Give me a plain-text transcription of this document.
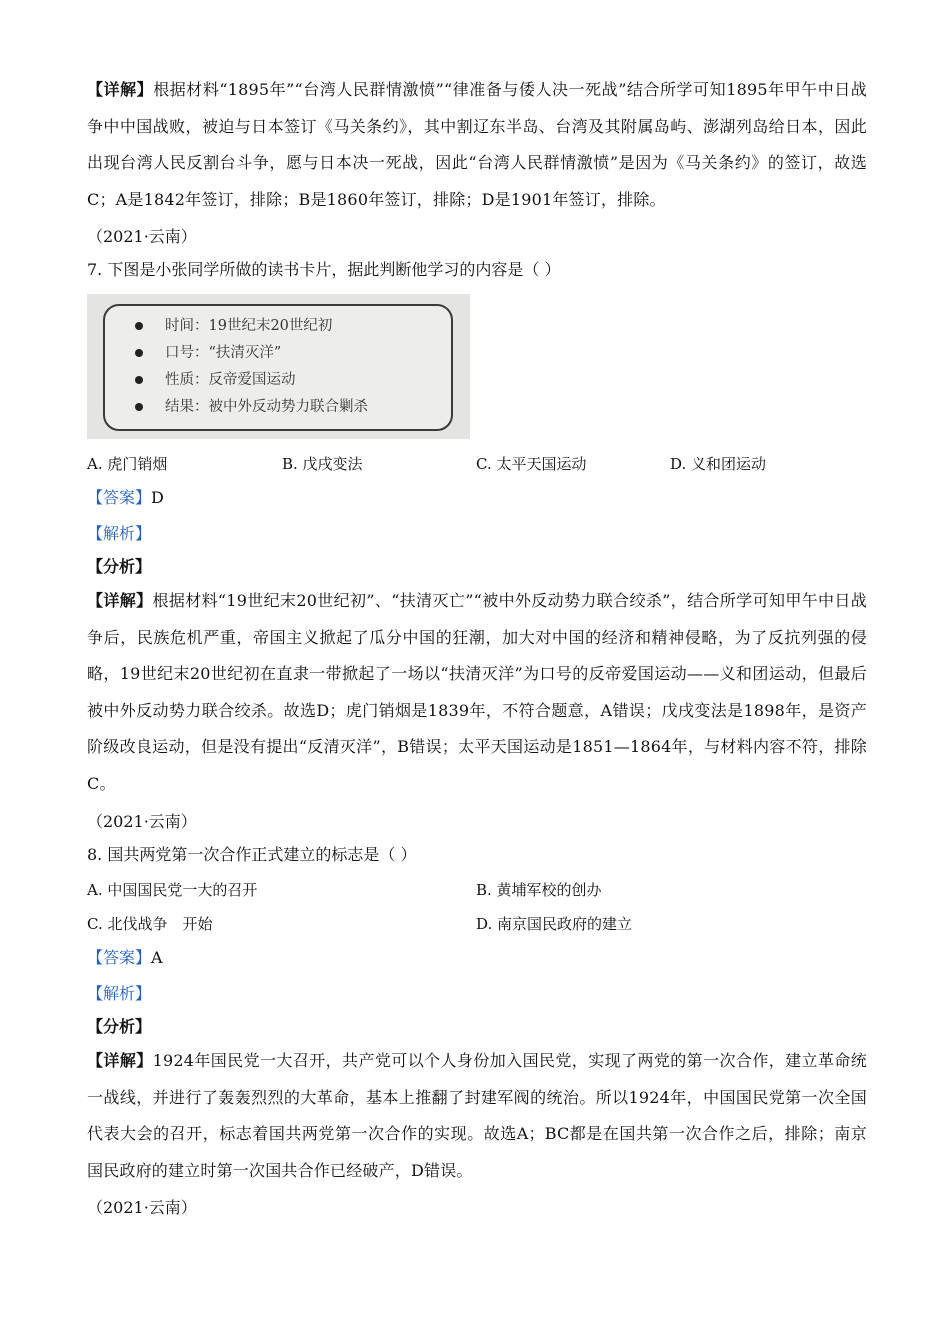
【详解】根据材料“1895年”“台湾人民群情激愤”“律准备与倭人决一死战”结合所学可知1895年甲午中日战争中中国战败，被迫与日本签订《马关条约》，其中割辽东半岛、台湾及其附属岛屿、澎湖列岛给日本，因此出现台湾人民反割台斗争，愿与日本决一死战，因此“台湾人民群情激愤”是因为《马关条约》的签订，故选C；A是1842年签订，排除；B是1860年签订，排除；D是1901年签订，排除。
（2021·云南）
7. 下图是小张同学所做的读书卡片，据此判断他学习的内容是（ ）
时间：19世纪末20世纪初
口号：“扶清灭洋”
性质：反帝爱国运动
结果：被中外反动势力联合剿杀
A. 虎门销烟	B. 戊戌变法	C. 太平天国运动	D. 义和团运动
【答案】D
【解析】
【分析】
【详解】根据材料“19世纪末20世纪初”、“扶清灭亡”“被中外反动势力联合绞杀”，结合所学可知甲午中日战争后，民族危机严重，帝国主义掀起了瓜分中国的狂潮，加大对中国的经济和精神侵略，为了反抗列强的侵略，19世纪末20世纪初在直隶一带掀起了一场以“扶清灭洋”为口号的反帝爱国运动——义和团运动，但最后被中外反动势力联合绞杀。故选D；虎门销烟是1839年，不符合题意，A错误；戊戌变法是1898年，是资产阶级改良运动，但是没有提出“反清灭洋”，B错误；太平天国运动是1851—1864年，与材料内容不符，排除C。
（2021·云南）
8. 国共两党第一次合作正式建立的标志是（ ）
A. 中国国民党一大的召开	B. 黄埔军校的创办
C. 北伐战争　开始	D. 南京国民政府的建立
【答案】A
【解析】
【分析】
【详解】1924年国民党一大召开，共产党可以个人身份加入国民党，实现了两党的第一次合作，建立革命统一战线，并进行了轰轰烈烈的大革命，基本上推翻了封建军阀的统治。所以1924年，中国国民党第一次全国代表大会的召开，标志着国共两党第一次合作的实现。故选A；BC都是在国共第一次合作之后，排除；南京国民政府的建立时第一次国共合作已经破产，D错误。
（2021·云南）
